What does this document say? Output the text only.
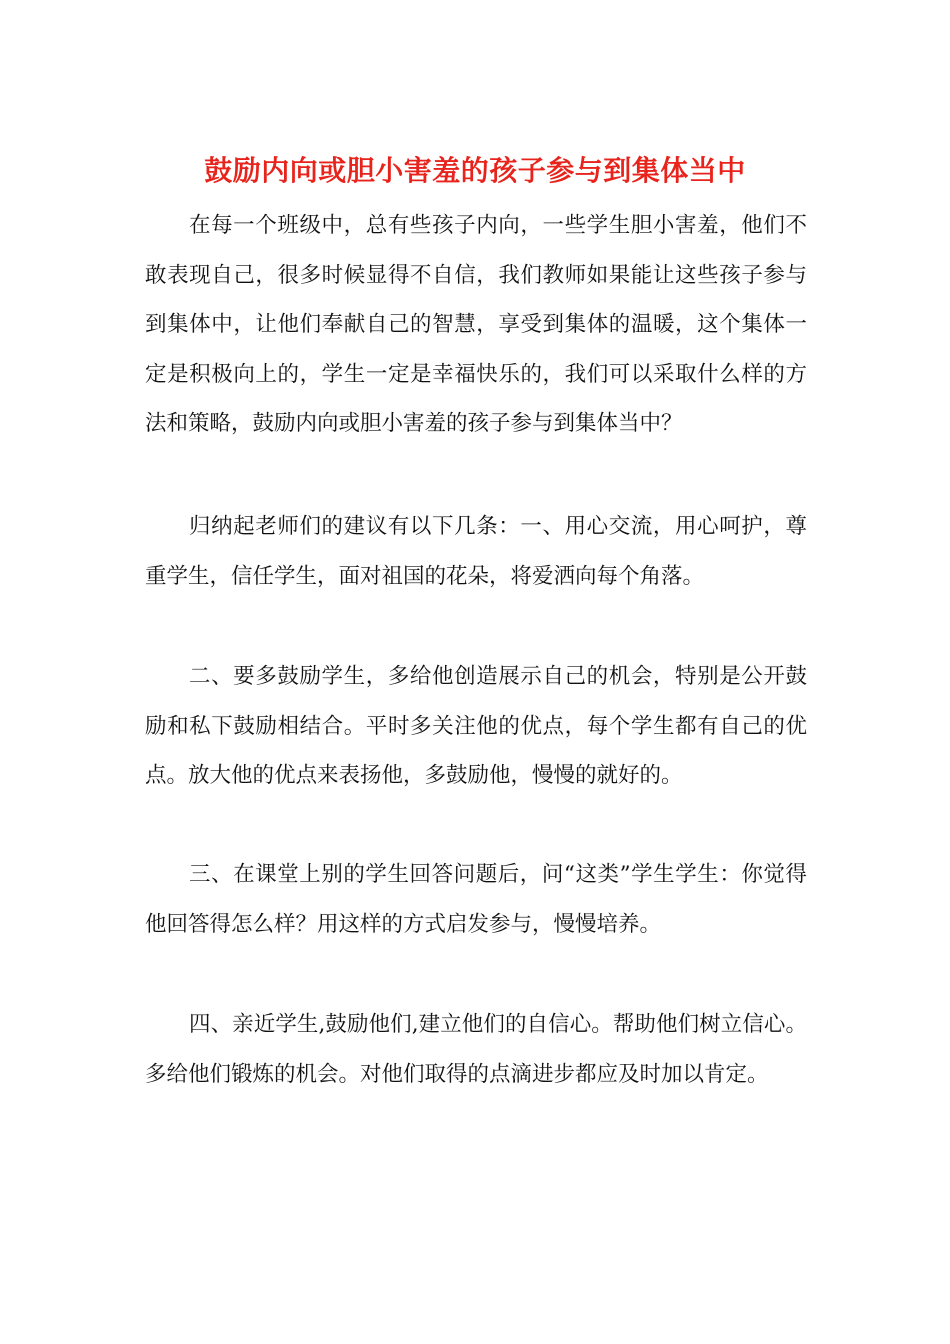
鼓励内向或胆小害羞的孩子参与到集体当中

在每一个班级中，总有些孩子内向，一些学生胆小害羞，他们不敢表现自己，很多时候显得不自信，我们教师如果能让这些孩子参与到集体中，让他们奉献自己的智慧，享受到集体的温暖，这个集体一定是积极向上的，学生一定是幸福快乐的，我们可以采取什么样的方法和策略，鼓励内向或胆小害羞的孩子参与到集体当中？

归纳起老师们的建议有以下几条：一、用心交流，用心呵护，尊重学生，信任学生，面对祖国的花朵，将爱洒向每个角落。

二、要多鼓励学生，多给他创造展示自己的机会，特别是公开鼓励和私下鼓励相结合。平时多关注他的优点，每个学生都有自己的优点。放大他的优点来表扬他，多鼓励他，慢慢的就好的。

三、在课堂上别的学生回答问题后，问“这类”学生学生：你觉得他回答得怎么样？用这样的方式启发参与，慢慢培养。

四、亲近学生,鼓励他们,建立他们的自信心。帮助他们树立信心。多给他们锻炼的机会。对他们取得的点滴进步都应及时加以肯定。
